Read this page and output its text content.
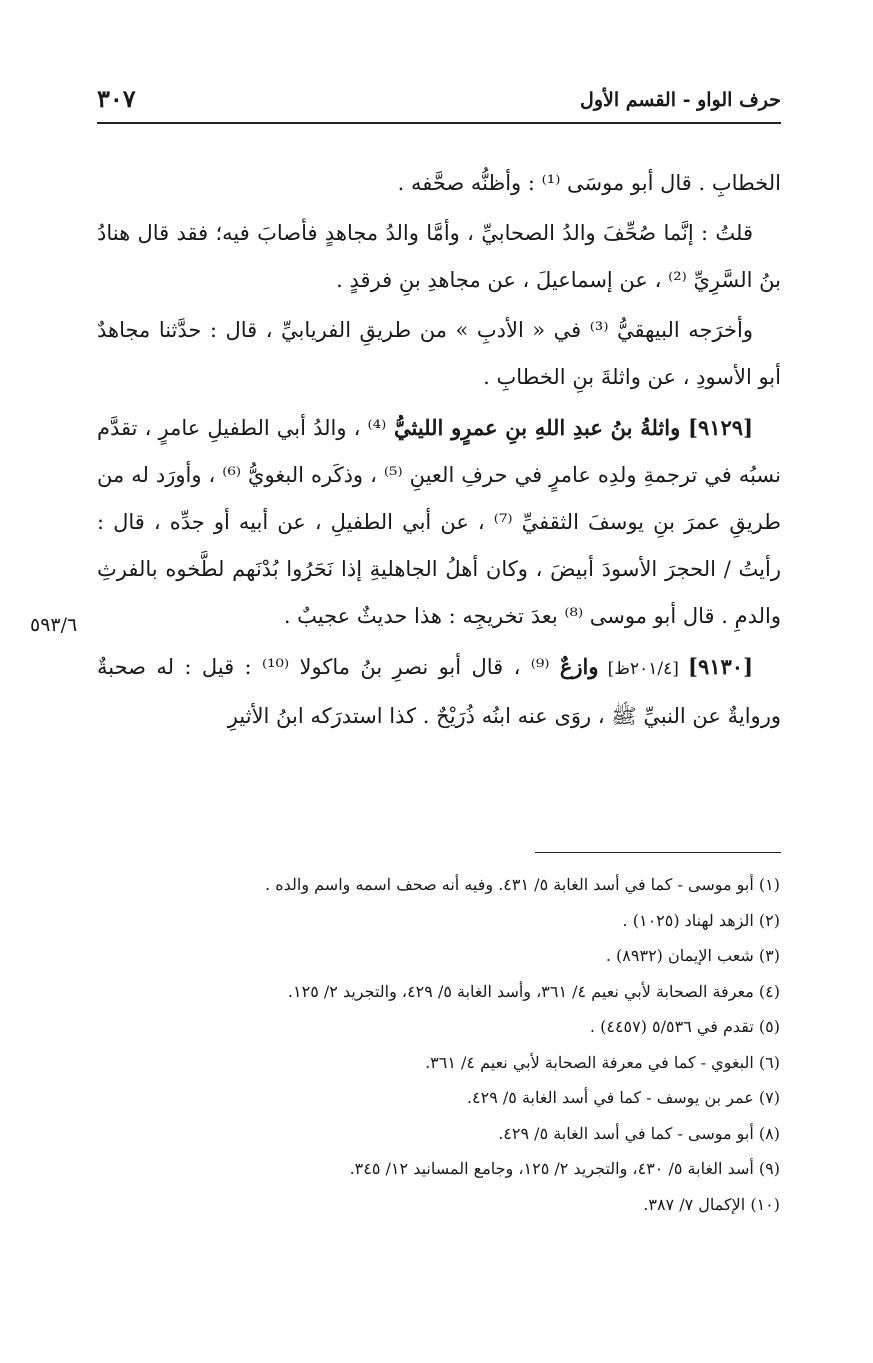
٣٠٧	حرف الواو - القسم الأول

الخطابِ . قال أبو موسَى ⁽¹⁾ : وأظنُّه صحَّفه .

قلتُ : إنَّما صُحِّفَ والدُ الصحابيِّ ، وأمَّا والدُ مجاهدٍ فأصابَ فيه؛ فقد قال هنادُ بنُ السَّرِيِّ ⁽²⁾ ، عن إسماعيلَ ، عن مجاهدِ بنِ فرقدٍ .

وأخرَجه البيهقيُّ ⁽³⁾ في « الأدبِ » من طريقِ الفريابيِّ ، قال : حدَّثنا مجاهدٌ أبو الأسودِ ، عن واثلةَ بنِ الخطابِ .

[٩١٢٩] واثلةُ بنُ عبدِ اللهِ بنِ عمرٍو الليثيُّ ⁽⁴⁾ ، والدُ أبي الطفيلِ عامرٍ ، تقدَّم نسبُه في ترجمةِ ولدِه عامرٍ في حرفِ العينِ ⁽⁵⁾ ، وذكَره البغويُّ ⁽⁶⁾ ، وأورَد له من طريقِ عمرَ بنِ يوسفَ الثقفيِّ ⁽⁷⁾ ، عن أبي الطفيلِ ، عن أبيه أو جدِّه ، قال : رأيتُ / الحجرَ الأسودَ أبيضَ ، وكان أهلُ الجاهليةِ إذا نَحَرُوا بُدْنَهم لطَّخوه بالفرثِ والدمِ . قال أبو موسى ⁽⁸⁾ بعدَ تخريجِه : هذا حديثٌ عجيبٌ .

[٩١٣٠] [٢٠١/٤ظ] وازعٌ ⁽⁹⁾ ، قال أبو نصرِ بنُ ماكولا ⁽¹⁰⁾ : قيل : له صحبةٌ وروايةٌ عن النبيِّ ﷺ ، روَى عنه ابنُه ذُرَيْحٌ . كذا استدرَكه ابنُ الأثيرِ

٥٩٣/٦
(١) أبو موسى - كما في أسد الغابة ٥/ ٤٣١. وفيه أنه صحف اسمه واسم والده .
(٢) الزهد لهناد (١٠٢٥) .
(٣) شعب الإيمان (٨٩٣٢) .
(٤) معرفة الصحابة لأبي نعيم ٤/ ٣٦١، وأسد الغابة ٥/ ٤٢٩، والتجريد ٢/ ١٢٥.
(٥) تقدم في ٥/٥٣٦ (٤٤٥٧) .
(٦) البغوي - كما في معرفة الصحابة لأبي نعيم ٤/ ٣٦١.
(٧) عمر بن يوسف - كما في أسد الغابة ٥/ ٤٢٩.
(٨) أبو موسى - كما في أسد الغابة ٥/ ٤٢٩.
(٩) أسد الغابة ٥/ ٤٣٠، والتجريد ٢/ ١٢٥، وجامع المسانيد ١٢/ ٣٤٥.
(١٠) الإكمال ٧/ ٣٨٧.
